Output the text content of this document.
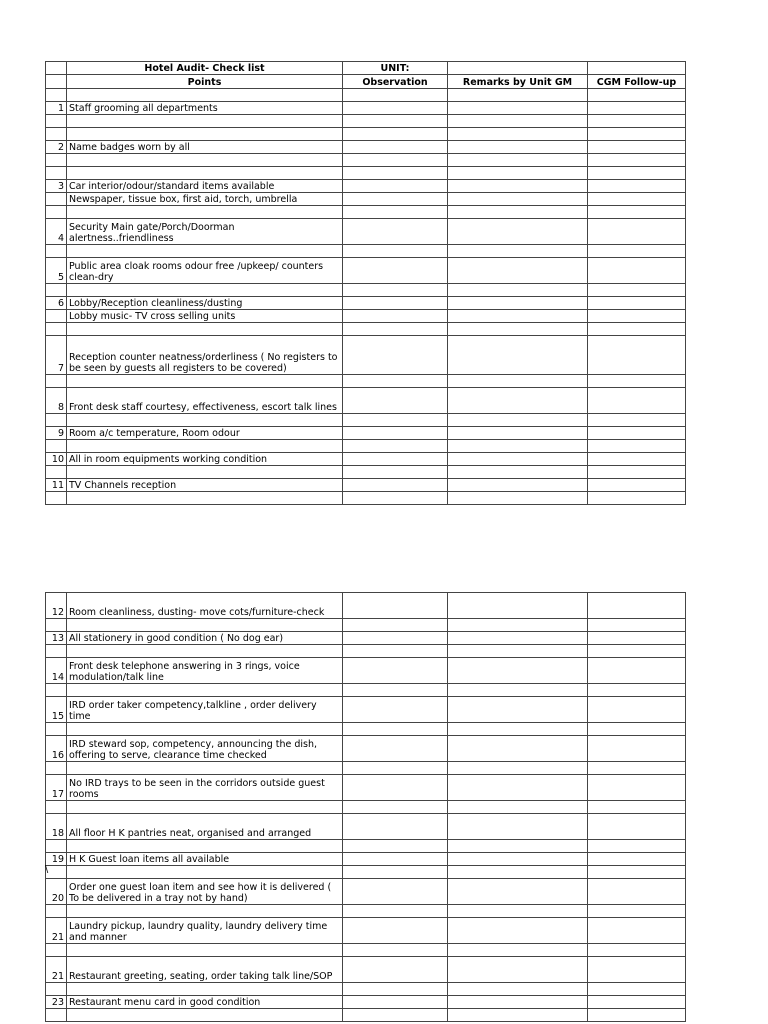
	Hotel Audit- Check list	UNIT:		
	Points	Observation	Remarks by Unit GM	CGM Follow-up

1	Staff grooming all departments			

2	Name badges worn by all			

3	Car interior/odour/standard items available			
	Newspaper, tissue box, first aid, torch, umbrella			

4	Security Main gate/Porch/Doorman alertness..friendliness			

5	Public area cloak rooms odour free /upkeep/ counters clean-dry			

6	Lobby/Reception cleanliness/dusting			
	Lobby music- TV cross selling units			

7	Reception counter neatness/orderliness ( No registers to be seen by guests all registers to be covered)			

8	Front desk staff courtesy, effectiveness, escort talk lines			

9	Room a/c temperature, Room odour			

10	All in room equipments working condition			

11	TV Channels reception			

12	Room cleanliness, dusting- move cots/furniture-check			

13	All stationery in good condition ( No dog ear)			

14	Front desk telephone answering in 3 rings, voice modulation/talk line			

15	IRD order taker competency,talkline , order delivery time			

16	IRD steward sop, competency, announcing the dish, offering to serve, clearance time checked			

17	No IRD trays to be seen in the corridors outside guest rooms			

18	All floor H K pantries neat, organised and arranged			

19	H K Guest loan items all available			

20	Order one guest loan item and see how it is delivered ( To be delivered in a tray not by hand)			

21	Laundry pickup, laundry quality, laundry delivery time and manner			

21	Restaurant greeting, seating, order taking talk line/SOP			

23	Restaurant menu card in good condition			

\
